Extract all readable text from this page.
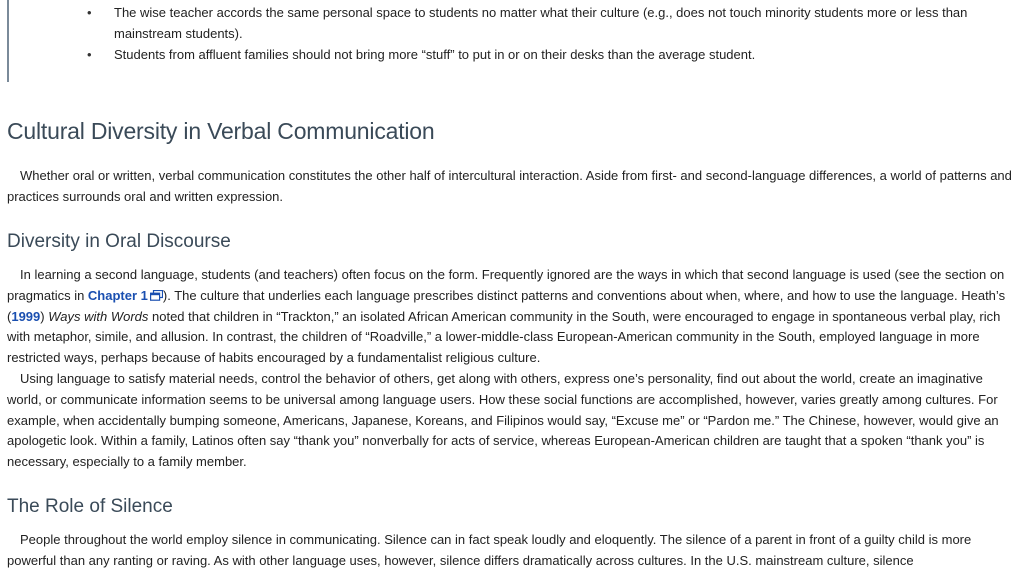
• The wise teacher accords the same personal space to students no matter what their culture (e.g., does not touch minority students more or less than mainstream students).
• Students from affluent families should not bring more “stuff” to put in or on their desks than the average student.
Cultural Diversity in Verbal Communication

Whether oral or written, verbal communication constitutes the other half of intercultural interaction. Aside from first- and second-language differences, a world of patterns and practices surrounds oral and written expression.

Diversity in Oral Discourse

In learning a second language, students (and teachers) often focus on the form. Frequently ignored are the ways in which that second language is used (see the section on pragmatics in Chapter 1 ). The culture that underlies each language prescribes distinct patterns and conventions about when, where, and how to use the language. Heath’s (1999) Ways with Words noted that children in “Trackton,” an isolated African American community in the South, were encouraged to engage in spontaneous verbal play, rich with metaphor, simile, and allusion. In contrast, the children of “Roadville,” a lower-middle-class European-American community in the South, employed language in more restricted ways, perhaps because of habits encouraged by a fundamentalist religious culture.

Using language to satisfy material needs, control the behavior of others, get along with others, express one’s personality, find out about the world, create an imaginative world, or communicate information seems to be universal among language users. How these social functions are accomplished, however, varies greatly among cultures. For example, when accidentally bumping someone, Americans, Japanese, Koreans, and Filipinos would say, “Excuse me” or “Pardon me.” The Chinese, however, would give an apologetic look. Within a family, Latinos often say “thank you” nonverbally for acts of service, whereas European-American children are taught that a spoken “thank you” is necessary, especially to a family member.

The Role of Silence

People throughout the world employ silence in communicating. Silence can in fact speak loudly and eloquently. The silence of a parent in front of a guilty child is more powerful than any ranting or raving. As with other language uses, however, silence differs dramatically across cultures. In the U.S. mainstream culture, silence
